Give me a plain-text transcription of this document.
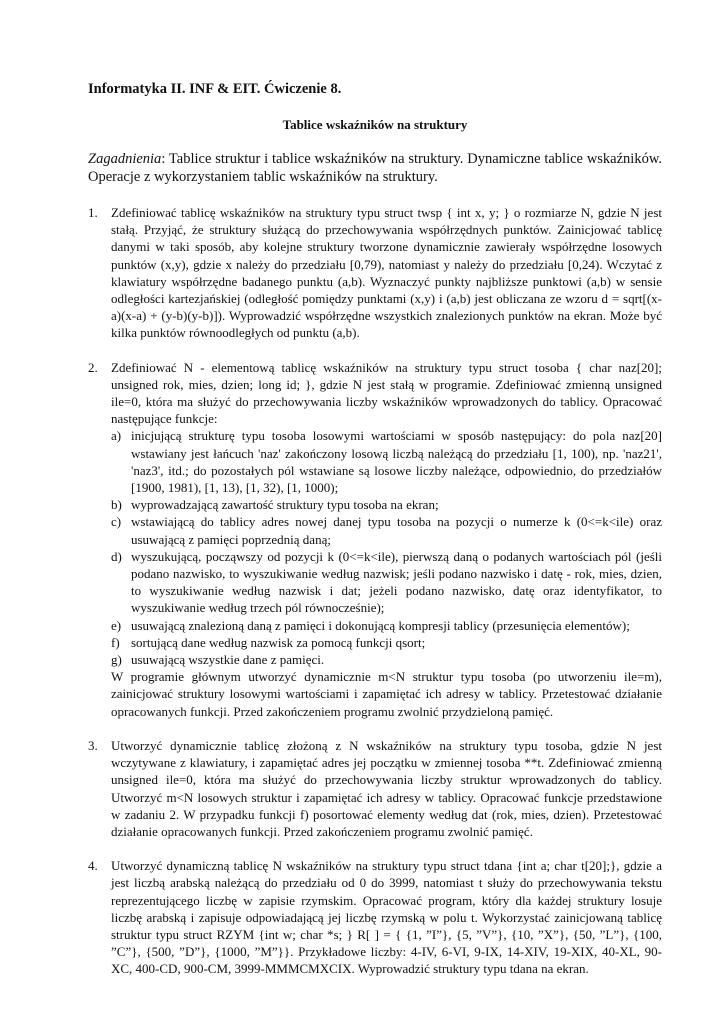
Informatyka II. INF & EIT. Ćwiczenie 8.

Tablice wskaźników na struktury

Zagadnienia: Tablice struktur i tablice wskaźników na struktury. Dynamiczne tablice wskaźników. Operacje z wykorzystaniem tablic wskaźników na struktury.

1.	Zdefiniować tablicę wskaźników na struktury typu struct twsp { int x, y; } o rozmiarze N, gdzie N jest stałą. Przyjąć, że struktury służącą do przechowywania współrzędnych punktów. Zainicjować tablicę danymi w taki sposób, aby kolejne struktury tworzone dynamicznie zawierały współrzędne losowych punktów (x,y), gdzie x należy do przedziału [0,79), natomiast y należy do przedziału [0,24). Wczytać z klawiatury współrzędne badanego punktu (a,b). Wyznaczyć punkty najbliższe punktowi (a,b) w sensie odległości kartezjańskiej (odległość pomiędzy punktami (x,y) i (a,b) jest obliczana ze wzoru d = sqrt[(x-a)(x-a) + (y-b)(y-b)]). Wyprowadzić współrzędne wszystkich znalezionych punktów na ekran. Może być kilka punktów równoodległych od punktu (a,b).

2.	Zdefiniować N - elementową tablicę wskaźników na struktury typu struct tosoba { char naz[20]; unsigned rok, mies, dzien; long id; }, gdzie N jest stałą w programie. Zdefiniować zmienną unsigned ile=0, która ma służyć do przechowywania liczby wskaźników wprowadzonych do tablicy. Opracować następujące funkcje:

a) inicjującą strukturę typu tosoba losowymi wartościami w sposób następujący: do pola naz[20] wstawiany jest łańcuch 'naz' zakończony losową liczbą należącą do przedziału [1, 100), np. 'naz21', 'naz3', itd.; do pozostałych pól wstawiane są losowe liczby należące, odpowiednio, do przedziałów [1900, 1981), [1, 13), [1, 32), [1, 1000);
b) wyprowadzającą zawartość struktury typu tosoba na ekran;
c) wstawiającą do tablicy adres nowej danej typu tosoba na pozycji o numerze k (0<=k<ile) oraz usuwającą z pamięci poprzednią daną;
d) wyszukującą, począwszy od pozycji k (0<=k<ile), pierwszą daną o podanych wartościach pól (jeśli podano nazwisko, to wyszukiwanie według nazwisk; jeśli podano nazwisko i datę - rok, mies, dzien, to wyszukiwanie według nazwisk i dat; jeżeli podano nazwisko, datę oraz identyfikator, to wyszukiwanie według trzech pól równocześnie);
e) usuwającą znalezioną daną z pamięci i dokonującą kompresji tablicy (przesunięcia elementów);
f) sortującą dane według nazwisk za pomocą funkcji qsort;
g) usuwającą wszystkie dane z pamięci.

W programie głównym utworzyć dynamicznie m<N struktur typu tosoba (po utworzeniu ile=m), zainicjować struktury losowymi wartościami i zapamiętać ich adresy w tablicy. Przetestować działanie opracowanych funkcji. Przed zakończeniem programu zwolnić przydzieloną pamięć.

3.	Utworzyć dynamicznie tablicę złożoną z N wskaźników na struktury typu tosoba, gdzie N jest wczytywane z klawiatury, i zapamiętać adres jej początku w zmiennej tosoba **t. Zdefiniować zmienną unsigned ile=0, która ma służyć do przechowywania liczby struktur wprowadzonych do tablicy. Utworzyć m<N losowych struktur i zapamiętać ich adresy w tablicy. Opracować funkcje przedstawione w zadaniu 2. W przypadku funkcji f) posortować elementy według dat (rok, mies, dzien). Przetestować działanie opracowanych funkcji. Przed zakończeniem programu zwolnić pamięć.

4.	Utworzyć dynamiczną tablicę N wskaźników na struktury typu struct tdana {int a; char t[20];}, gdzie a jest liczbą arabską należącą do przedziału od 0 do 3999, natomiast t służy do przechowywania tekstu reprezentującego liczbę w zapisie rzymskim. Opracować program, który dla każdej struktury losuje liczbę arabską i zapisuje odpowiadającą jej liczbę rzymską w polu t. Wykorzystać zainicjowaną tablicę struktur typu struct RZYM {int w; char *s; } R[ ] = { {1, ”I”}, {5, ”V”}, {10, ”X”}, {50, ”L”}, {100, ”C”}, {500, ”D”}, {1000, ”M”}}. Przykładowe liczby: 4-IV, 6-VI, 9-IX, 14-XIV, 19-XIX, 40-XL, 90-XC, 400-CD, 900-CM, 3999-MMMCMXCIX. Wyprowadzić struktury typu tdana na ekran.
